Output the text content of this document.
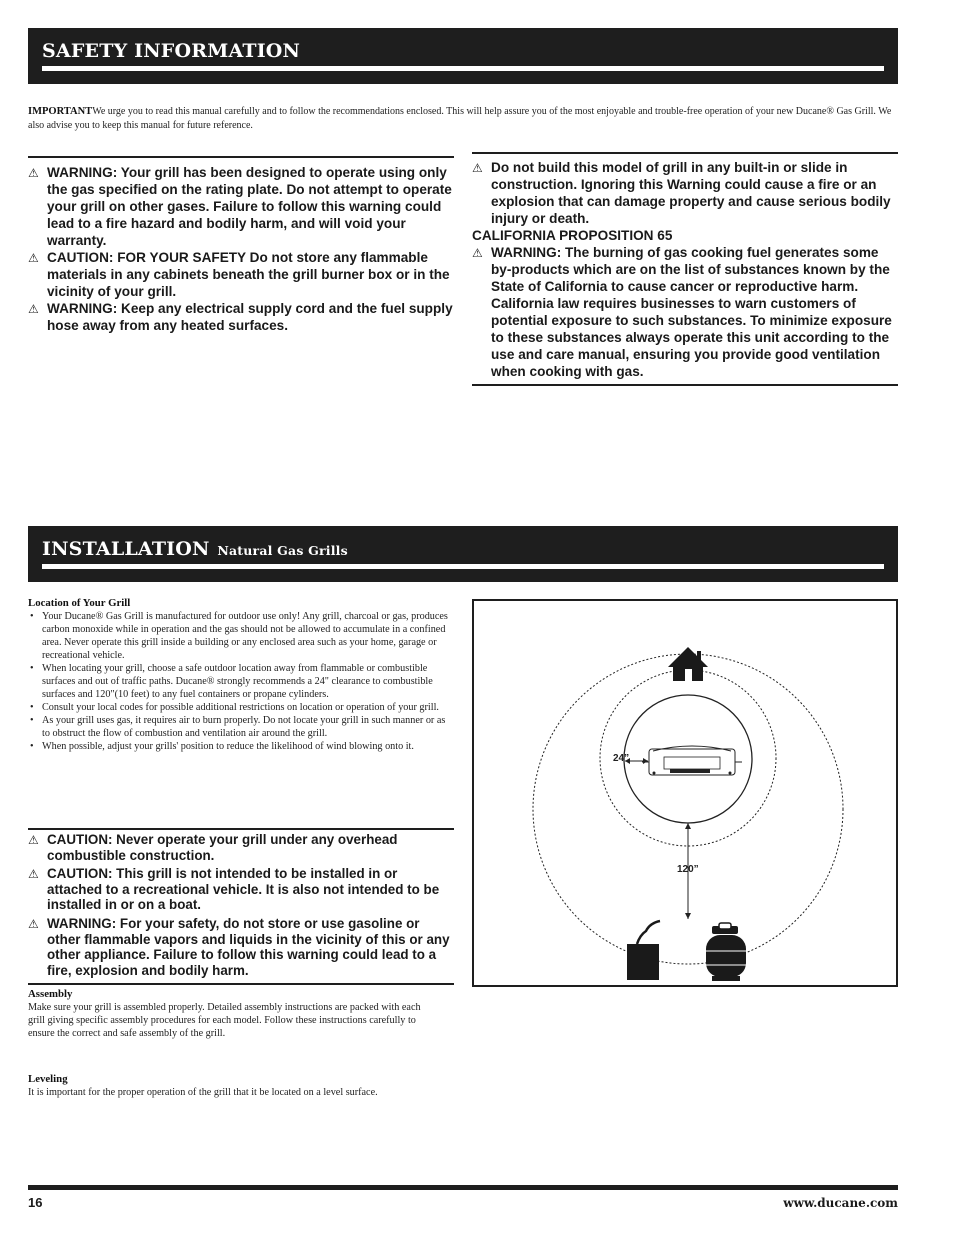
SAFETY INFORMATION
IMPORTANTWe urge you to read this manual carefully and to follow the recommendations enclosed. This will help assure you of the most enjoyable and trouble-free operation of your new Ducane® Gas Grill. We also advise you to keep this manual for future reference.

⚠ WARNING: Your grill has been designed to operate using only the gas specified on the rating plate. Do not attempt to operate your grill on other gases. Failure to follow this warning could lead to a fire hazard and bodily harm, and will void your warranty.

⚠ CAUTION: FOR YOUR SAFETY Do not store any flammable materials in any cabinets beneath the grill burner box or in the vicinity of your grill.

⚠ WARNING: Keep any electrical supply cord and the fuel supply hose away from any heated surfaces.

⚠ Do not build this model of grill in any built-in or slide in construction. Ignoring this Warning could cause a fire or an explosion that can damage property and cause serious bodily injury or death.

CALIFORNIA PROPOSITION 65

⚠ WARNING: The burning of gas cooking fuel generates some by-products which are on the list of substances known by the State of California to cause cancer or reproductive harm. California law requires businesses to warn customers of potential exposure to such substances. To minimize exposure to these substances always operate this unit according to the use and care manual, ensuring you provide good ventilation when cooking with gas.

INSTALLATION Natural Gas Grills
Location of Your Grill
• Your Ducane® Gas Grill is manufactured for outdoor use only! Any grill, charcoal or gas, produces carbon monoxide while in operation and the gas should not be allowed to accumulate in a confined area. Never operate this grill inside a building or any enclosed area such as your home, garage or recreational vehicle.
• When locating your grill, choose a safe outdoor location away from flammable or combustible surfaces and out of traffic paths. Ducane® strongly recommends a 24" clearance to combustible surfaces and 120"(10 feet) to any fuel containers or propane cylinders.
• Consult your local codes for possible additional restrictions on location or operation of your grill.
• As your grill uses gas, it requires air to burn properly. Do not locate your grill in such manner or as to obstruct the flow of combustion and ventilation air around the grill.
• When possible, adjust your grills' position to reduce the likelihood of wind blowing onto it.

⚠ CAUTION: Never operate your grill under any overhead combustible construction.

⚠ CAUTION: This grill is not intended to be installed in or attached to a recreational vehicle. It is also not intended to be installed in or on a boat.

⚠ WARNING: For your safety, do not store or use gasoline or other flammable vapors and liquids in the vicinity of this or any other appliance. Failure to follow this warning could lead to a fire, explosion and bodily harm.

Assembly
Make sure your grill is assembled properly. Detailed assembly instructions are packed with each grill giving specific assembly procedures for each model. Follow these instructions carefully to ensure the correct and safe assembly of the grill.
Leveling
It is important for the proper operation of the grill that it be located on a level surface.
24”
120”
16	www.ducane.com
